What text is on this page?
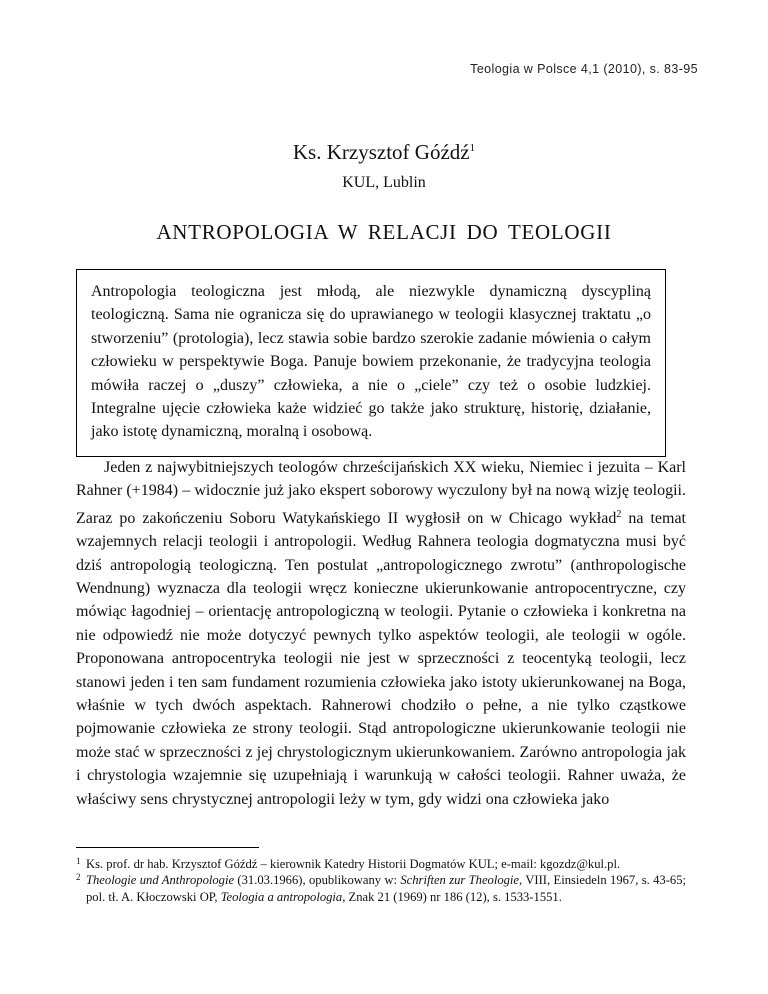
Teologia w Polsce 4,1 (2010), s. 83-95
Ks. Krzysztof Góźdź$^1$
KUL, Lublin
ANTROPOLOGIA W RELACJI DO TEOLOGII
Antropologia teologiczna jest młodą, ale niezwykle dynamiczną dyscypliną teologiczną. Sama nie ogranicza się do uprawianego w teologii klasycznej traktatu „o stworzeniu” (protologia), lecz stawia sobie bardzo szerokie zadanie mówienia o całym człowieku w perspektywie Boga. Panuje bowiem przekonanie, że tradycyjna teologia mówiła raczej o „duszy” człowieka, a nie o „ciele” czy też o osobie ludzkiej. Integralne ujęcie człowieka każe widzieć go także jako strukturę, historię, działanie, jako istotę dynamiczną, moralną i osobową.

Jeden z najwybitniejszych teologów chrześcijańskich XX wieku, Niemiec i jezuita – Karl Rahner (+1984) – widocznie już jako ekspert soborowy wyczulony był na nową wizję teologii. Zaraz po zakończeniu Soboru Watykańskiego II wygłosił on w Chicago wykład$^2$ na temat wzajemnych relacji teologii i antropologii. Według Rahnera teologia dogmatyczna musi być dziś antropologią teologiczną. Ten postulat „antropologicznego zwrotu” (anthropologische Wendnung) wyznacza dla teologii wręcz konieczne ukierunkowanie antropocentryczne, czy mówiąc łagodniej – orientację antropologiczną w teologii. Pytanie o człowieka i konkretna na nie odpowiedź nie może dotyczyć pewnych tylko aspektów teologii, ale teologii w ogóle. Proponowana antropocentryka teologii nie jest w sprzeczności z teocentyką teologii, lecz stanowi jeden i ten sam fundament rozumienia człowieka jako istoty ukierunkowanej na Boga, właśnie w tych dwóch aspektach. Rahnerowi chodziło o pełne, a nie tylko cząstkowe pojmowanie człowieka ze strony teologii. Stąd antropologiczne ukierunkowanie teologii nie może stać w sprzeczności z jej chrystologicznym ukierunkowaniem. Zarówno antropologia jak i chrystologia wzajemnie się uzupełniają i warunkują w całości teologii. Rahner uważa, że właściwy sens chrystycznej antropologii leży w tym, gdy widzi ona człowieka jako

1 Ks. prof. dr hab. Krzysztof Góźdź – kierownik Katedry Historii Dogmatów KUL; e-mail: kgozdz@kul.pl.

2 Theologie und Anthropologie (31.03.1966), opublikowany w: Schriften zur Theologie, VIII, Einsiedeln 1967, s. 43-65; pol. tł. A. Kłoczowski OP, Teologia a antropologia, Znak 21 (1969) nr 186 (12), s. 1533-1551.
